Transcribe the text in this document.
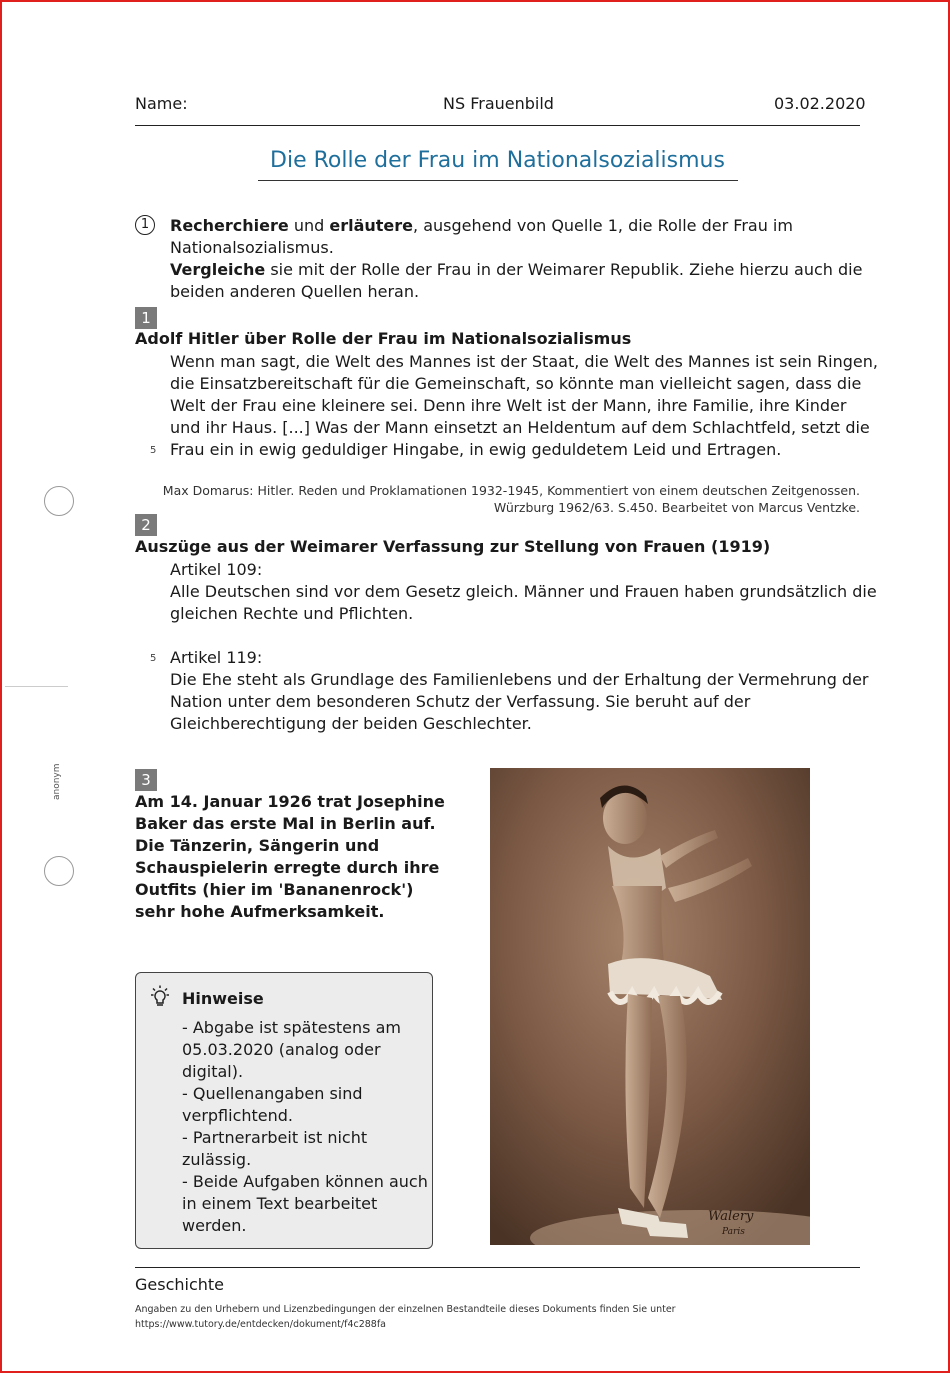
Name:	NS Frauenbild	03.02.2020
Die Rolle der Frau im Nationalsozialismus
1	Recherchiere und erläutere, ausgehend von Quelle 1, die Rolle der Frau im
Nationalsozialismus.
Vergleiche sie mit der Rolle der Frau in der Weimarer Republik. Ziehe hierzu auch die
beiden anderen Quellen heran.
1
Adolf Hitler über Rolle der Frau im Nationalsozialismus
Wenn man sagt, die Welt des Mannes ist der Staat, die Welt des Mannes ist sein Ringen,
die Einsatzbereitschaft für die Gemeinschaft, so könnte man vielleicht sagen, dass die
Welt der Frau eine kleinere sei. Denn ihre Welt ist der Mann, ihre Familie, ihre Kinder
und ihr Haus. [...] Was der Mann einsetzt an Heldentum auf dem Schlachtfeld, setzt die
Frau ein in ewig geduldiger Hingabe, in ewig geduldetem Leid und Ertragen.
5
Max Domarus: Hitler. Reden und Proklamationen 1932-1945, Kommentiert von einem deutschen Zeitgenossen.
Würzburg 1962/63. S.450. Bearbeitet von Marcus Ventzke.
2
Auszüge aus der Weimarer Verfassung zur Stellung von Frauen (1919)
Artikel 109:
Alle Deutschen sind vor dem Gesetz gleich. Männer und Frauen haben grundsätzlich die
gleichen Rechte und Pflichten.
Artikel 119:
Die Ehe steht als Grundlage des Familienlebens und der Erhaltung der Vermehrung der
Nation unter dem besonderen Schutz der Verfassung. Sie beruht auf der
Gleichberechtigung der beiden Geschlechter.
5
3
Am 14. Januar 1926 trat Josephine
Baker das erste Mal in Berlin auf.
Die Tänzerin, Sängerin und
Schauspielerin erregte durch ihre
Outfits (hier im 'Bananenrock')
sehr hohe Aufmerksamkeit.
Walery
Paris
Hinweise
- Abgabe ist spätestens am
05.03.2020 (analog oder
digital).
- Quellenangaben sind
verpflichtend.
- Partnerarbeit ist nicht
zulässig.
- Beide Aufgaben können auch
in einem Text bearbeitet
werden.
anonym
Geschichte
Angaben zu den Urhebern und Lizenzbedingungen der einzelnen Bestandteile dieses Dokuments finden Sie unter
https://www.tutory.de/entdecken/dokument/f4c288fa
